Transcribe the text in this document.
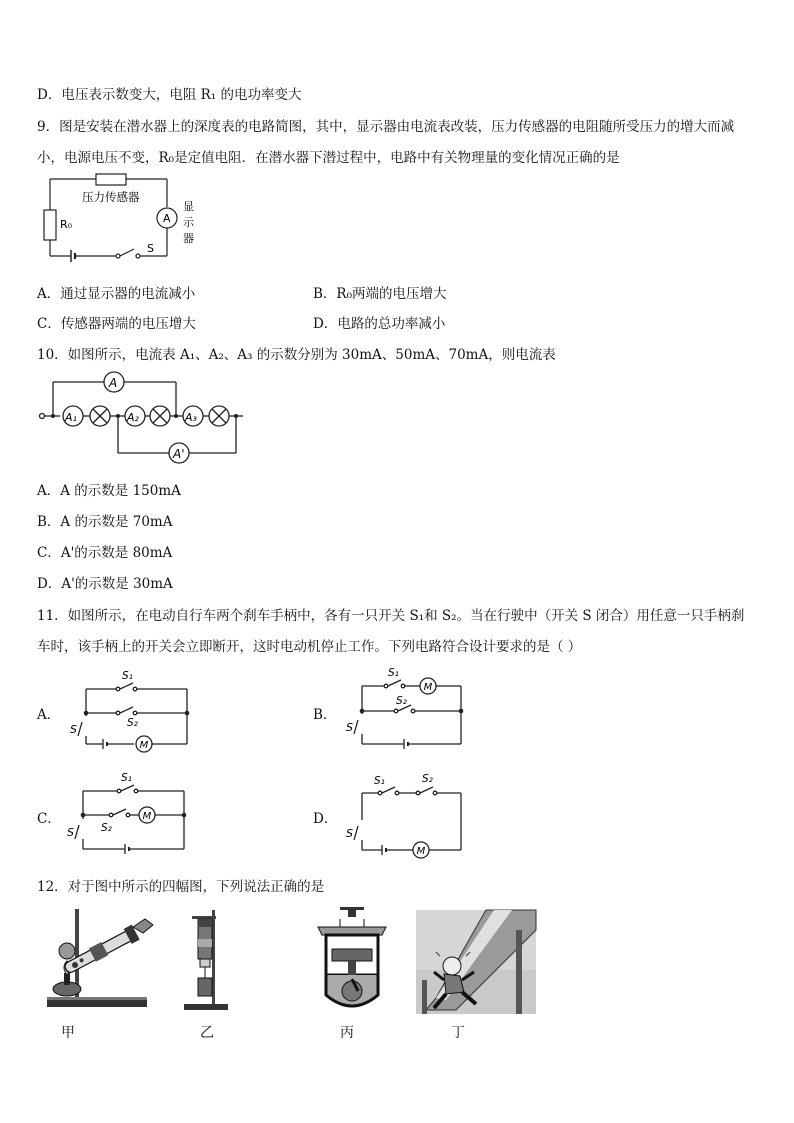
D．电压表示数变大，电阻 R₁ 的电功率变大
9．图是安装在潜水器上的深度表的电路简图，其中，显示器由电流表改装，压力传感器的电阻随所受压力的增大而减
小，电源电压不变，R₀是定值电阻．在潜水器下潜过程中，电路中有关物理量的变化情况正确的是
压力传感器
R₀	A
显
示
器
S
A．通过显示器的电流减小	B．R₀两端的电压增大
C．传感器两端的电压增大	D．电路的总功率减小
10．如图所示，电流表 A₁、A₂、A₃ 的示数分别为 30mA、50mA、70mA，则电流表
A
A₁	A₂	A₃
A'
A．A 的示数是 150mA
B．A 的示数是 70mA
C．A'的示数是 80mA
D．A'的示数是 30mA
11．如图所示，在电动自行车两个刹车手柄中，各有一只开关 S₁和 S₂。当在行驶中（开关 S 闭合）用任意一只手柄刹
车时，该手柄上的开关会立即断开，这时电动机停止工作。下列电路符合设计要求的是（ ）
A．	B．
C．	D．
S₁
S₂
S
M
S₁
S₂
S
M
S₁
S₂
S
M
S₁	S₂
S
M
12．对于图中所示的四幅图，下列说法正确的是
甲	乙	丙	丁
